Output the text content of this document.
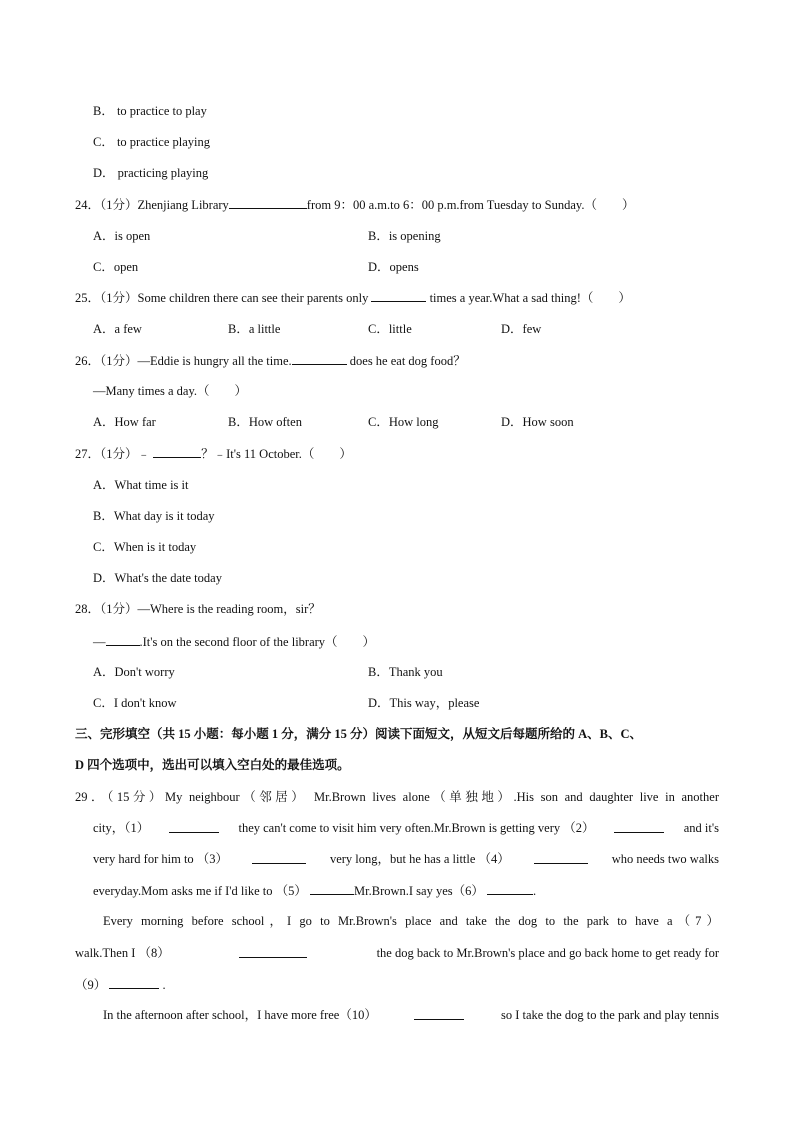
B． to practice to play
C． to practice playing
D． practicing playing
24．（1分）Zhenjiang Library	from 9：00 a.m.to 6：00 p.m.from Tuesday to Sunday.（　　）
A．is open	B．is opening
C．open	D．opens
25．（1分）Some children there can see their parents only	times a year.What a sad thing!（　　）
A．a few	B．a little	C．little	D．few
26．（1分）—Eddie is hungry all the time.	does he eat dog food？
—Many times a day.（　　）
A．How far	B．How often	C．How long	D．How soon
27．（1分）﹣	？﹣It's 11 October.（　　）
A．What time is it
B．What day is it today
C．When is it today
D．What's the date today
28．（1分）—Where is the reading room，sir？
—	.It's on the second floor of the library（　　）
A．Don't worry	B．Thank you
C．I don't know	D．This way，please
三、完形填空（共 15 小题：每小题 1 分，满分 15 分）阅读下面短文，从短文后每题所给的 A、B、C、
D 四个选项中，选出可以填入空白处的最佳选项。
29．（15分）My neighbour（邻居） Mr.Brown lives alone（单独地）.His son and daughter live in another
city，（1）	they can't come to visit him very often.Mr.Brown is getting very （2）	and it's
very hard for him to （3）	very long，but he has a little （4）	who needs two walks
everyday.Mom asks me if I'd like to （5）	Mr.Brown.I say yes（6）	.
Every morning before school，I go to Mr.Brown's place and take the dog to the park to have a（7）
walk.Then I （8）	the dog back to Mr.Brown's place and go back home to get ready for
（9）	.
In the afternoon after school，I have more free（10）	so I take the dog to the park and play tennis
